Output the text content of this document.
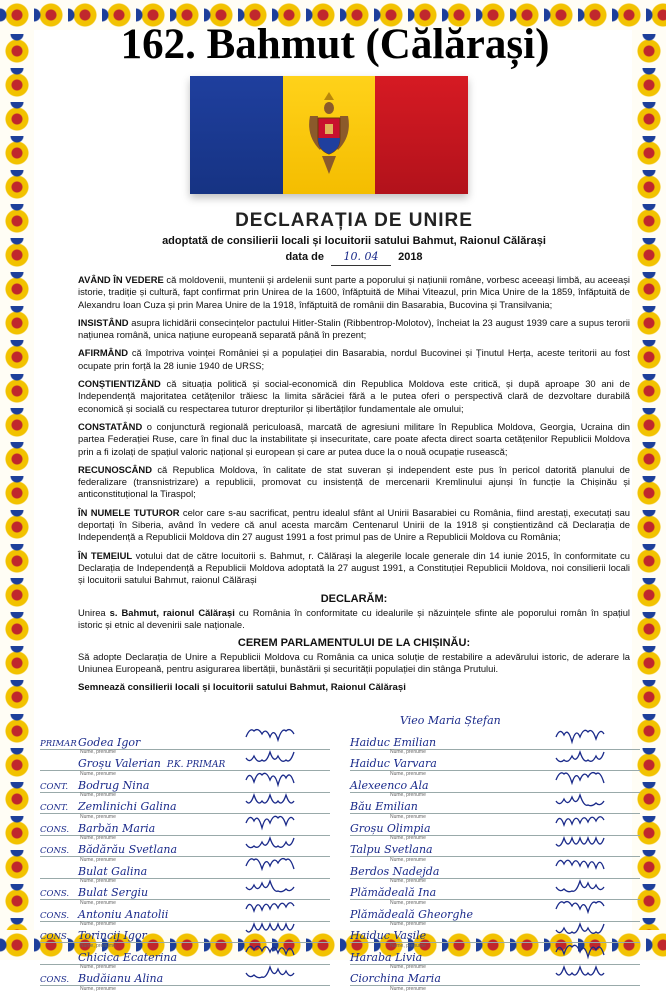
162. Bahmut (Călărași)
DECLARAȚIA DE UNIRE
adoptată de consilierii locali și locuitorii satului Bahmut, Raionul Călărași
data de 10. 04 2018

AVÂND ÎN VEDERE că moldovenii, muntenii și ardelenii sunt parte a poporului și națiunii române, vorbesc aceeași limbă, au aceeași istorie, tradiție și cultură, fapt confirmat prin Unirea de la 1600, înfăptuită de Mihai Viteazul, prin Mica Unire de la 1859, înfăptuită de Alexandru Ioan Cuza și prin Marea Unire de la 1918, înfăptuită de românii din Basarabia, Bucovina și Transilvania;

INSISTÂND asupra lichidării consecințelor pactului Hitler-Stalin (Ribbentrop-Molotov), încheiat la 23 august 1939 care a supus terorii națiunea română, unica națiune europeană separată până în prezent;

AFIRMÂND că împotriva voinței României și a populației din Basarabia, nordul Bucovinei și Ținutul Herța, aceste teritorii au fost ocupate prin forță la 28 iunie 1940 de URSS;

CONȘTIENTIZÂND că situația politică și social-economică din Republica Moldova este critică, și după aproape 30 ani de Independență majoritatea cetățenilor trăiesc la limita sărăciei fără a le putea oferi o perspectivă clară de dezvoltare durabilă economică și socială cu respectarea tuturor drepturilor și libertăților fundamentale ale omului;

CONSTATÂND o conjunctură regională periculoasă, marcată de agresiuni militare în Republica Moldova, Georgia, Ucraina din partea Federației Ruse, care în final duc la instabilitate și insecuritate, care poate afecta direct soarta cetățenilor Republicii Moldova prin a fi izolați de spațiul valoric național și european și care ar putea duce la o nouă ocupație rusească;

RECUNOSCÂND că Republica Moldova, în calitate de stat suveran și independent este pus în pericol datorită planului de federalizare (transnistrizare) a republicii, promovat cu insistență de mercenarii Kremlinului ajunși în funcție la Chișinău și anticonstituțional la Tiraspol;

ÎN NUMELE TUTUROR celor care s-au sacrificat, pentru idealul sfânt al Unirii Basarabiei cu România, fiind arestați, executați sau deportați în Siberia, având în vedere că anul acesta marcăm Centenarul Unirii de la 1918 și conștientizând că Declarația de Independență a Republicii Moldova din 27 august 1991 a fost primul pas de Unire a Republicii Moldova cu România;

ÎN TEMEIUL votului dat de către locuitorii s. Bahmut, r. Călărași la alegerile locale generale din 14 iunie 2015, în conformitate cu Declarația de Independență a Republicii Moldova adoptată la 27 august 1991, a Constituției Republicii Moldova, noi consilierii locali și locuitorii satului Bahmut, raionul Călărași

DECLARĂM:

Unirea s. Bahmut, raionul Călărași cu România în conformitate cu idealurile și năzuințele sfinte ale poporului român în spațiul istoric și etnic al devenirii sale naționale.

CEREM PARLAMENTULUI DE LA CHIȘINĂU:

Să adopte Declarația de Unire a Republicii Moldova cu România ca unica soluție de restabilire a adevărului istoric, de aderare la Uniunea Europeană, pentru asigurarea libertății, bunăstării și securității populației din stânga Prutului.

Semnează consilierii locali și locuitorii satului Bahmut, Raionul Călărași
Vieo Maria Ștefan
PRIMAR Godea Igor
Nume, prenume
Groșu Valerian P.K. PRIMAR
Nume, prenume
CONT. Bodrug Nina
Nume, prenume
CONT. Zemlinichi Galina
Nume, prenume
CONS. Barbăn Maria
Nume, prenume
CONS. Bădărău Svetlana
Nume, prenume
Bulat Galina
Nume, prenume
CONS. Bulat Sergiu
Nume, prenume
CONS. Antoniu Anatolii
Nume, prenume
CONS. Torincij Igor
Nume, prenume
Chicica Ecaterina
Nume, prenume
CONS. Budăianu Alina
Nume, prenume
Haiduc Emilian
Nume, prenume
Haiduc Varvara
Nume, prenume
Alexeenco Ala
Nume, prenume
Bău Emilian
Nume, prenume
Groșu Olimpia
Nume, prenume
Talpu Svetlana
Nume, prenume
Berdos Nadejda
Nume, prenume
Plămădeală Ina
Nume, prenume
Plămădeală Gheorghe
Nume, prenume
Haiduc Vasile
Nume, prenume
Haraba Livia
Nume, prenume
Ciorchina Maria
Nume, prenume
